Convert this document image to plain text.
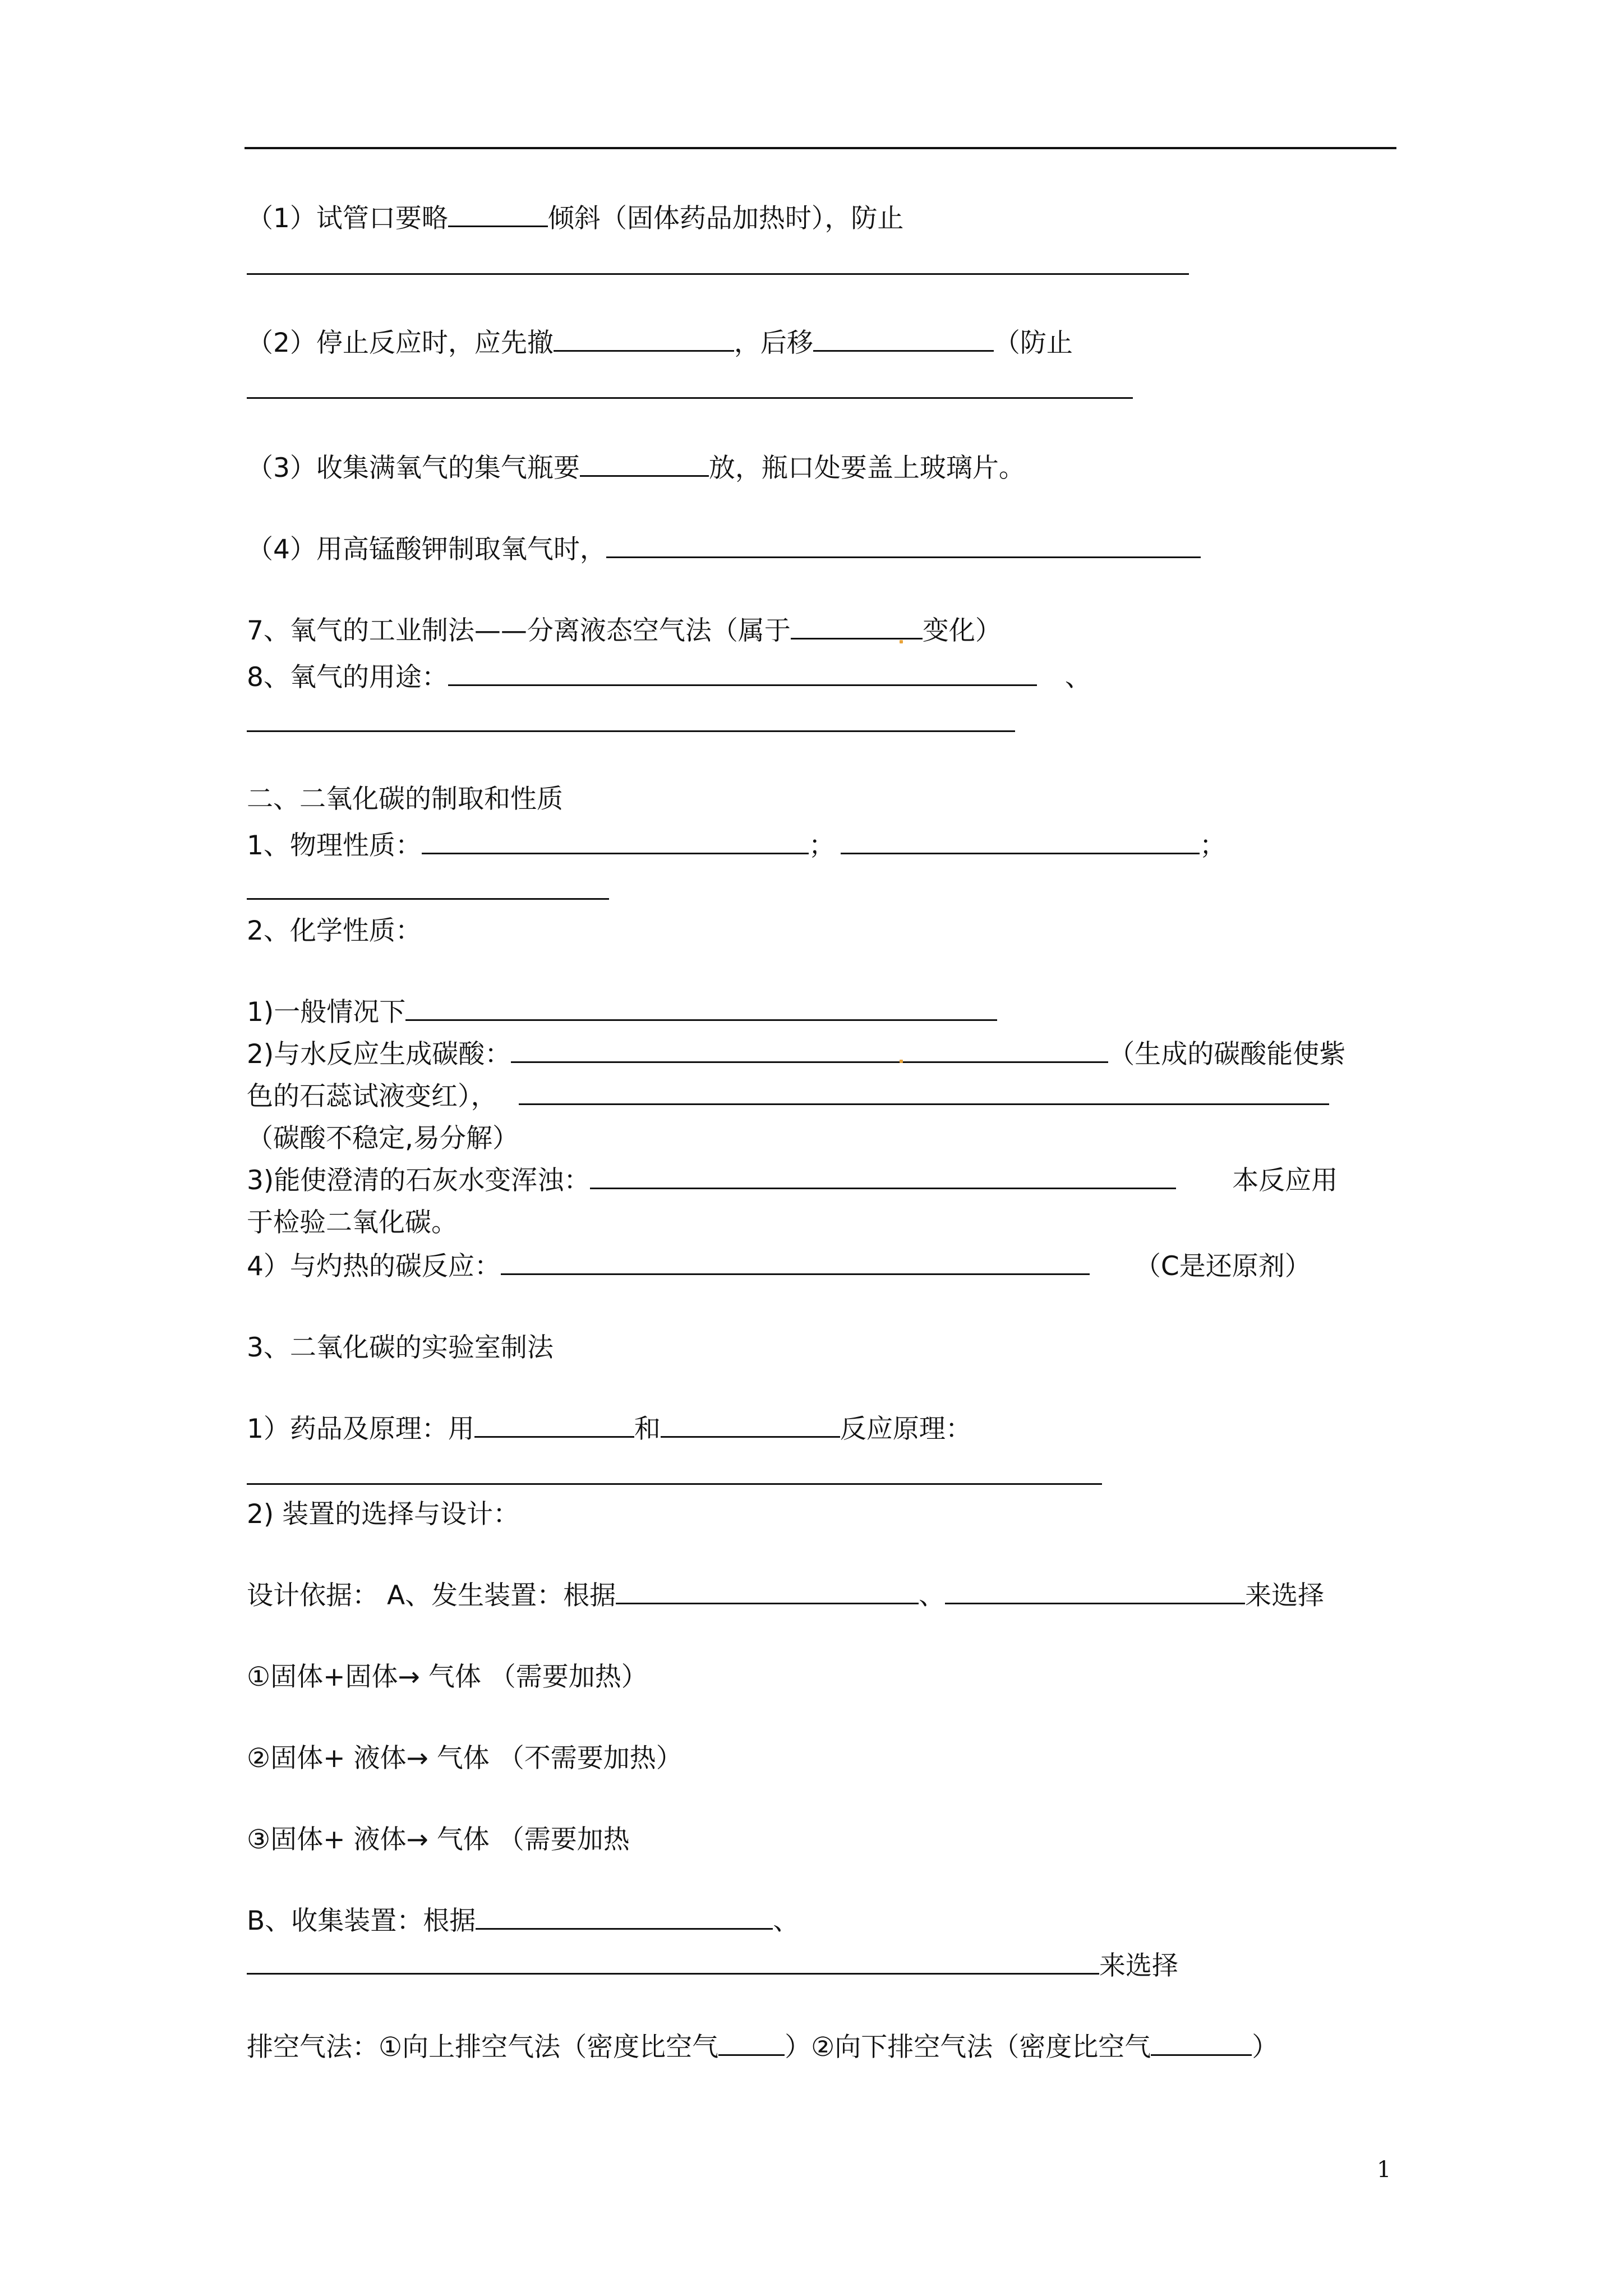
（1）试管口要略	倾斜（固体药品加热时），防止
（2）停止反应时，应先撤	，后移	（防止
（3）收集满氧气的集气瓶要	放，瓶口处要盖上玻璃片。
（4）用高锰酸钾制取氧气时，
7、氧气的工业制法——分离液态空气法（属于	变化）
8、氧气的用途：	、
二、二氧化碳的制取和性质
1、物理性质：	；	；
2、化学性质：
1)一般情况下
2)与水反应生成碳酸：	（生成的碳酸能使紫
色的石蕊试液变红），
（碳酸不稳定,易分解）
3)能使澄清的石灰水变浑浊：	本反应用
于检验二氧化碳。
4）与灼热的碳反应：	（C是还原剂）
3、二氧化碳的实验室制法
1）药品及原理：用	和	反应原理：
2) 装置的选择与设计：
设计依据： A、发生装置：根据	、	来选择
①固体+固体→ 气体 （需要加热）
②固体+ 液体→ 气体 （不需要加热）
③固体+ 液体→ 气体 （需要加热
B、收集装置：根据	、
来选择
排空气法：①向上排空气法（密度比空气	）②向下排空气法（密度比空气	）
1
